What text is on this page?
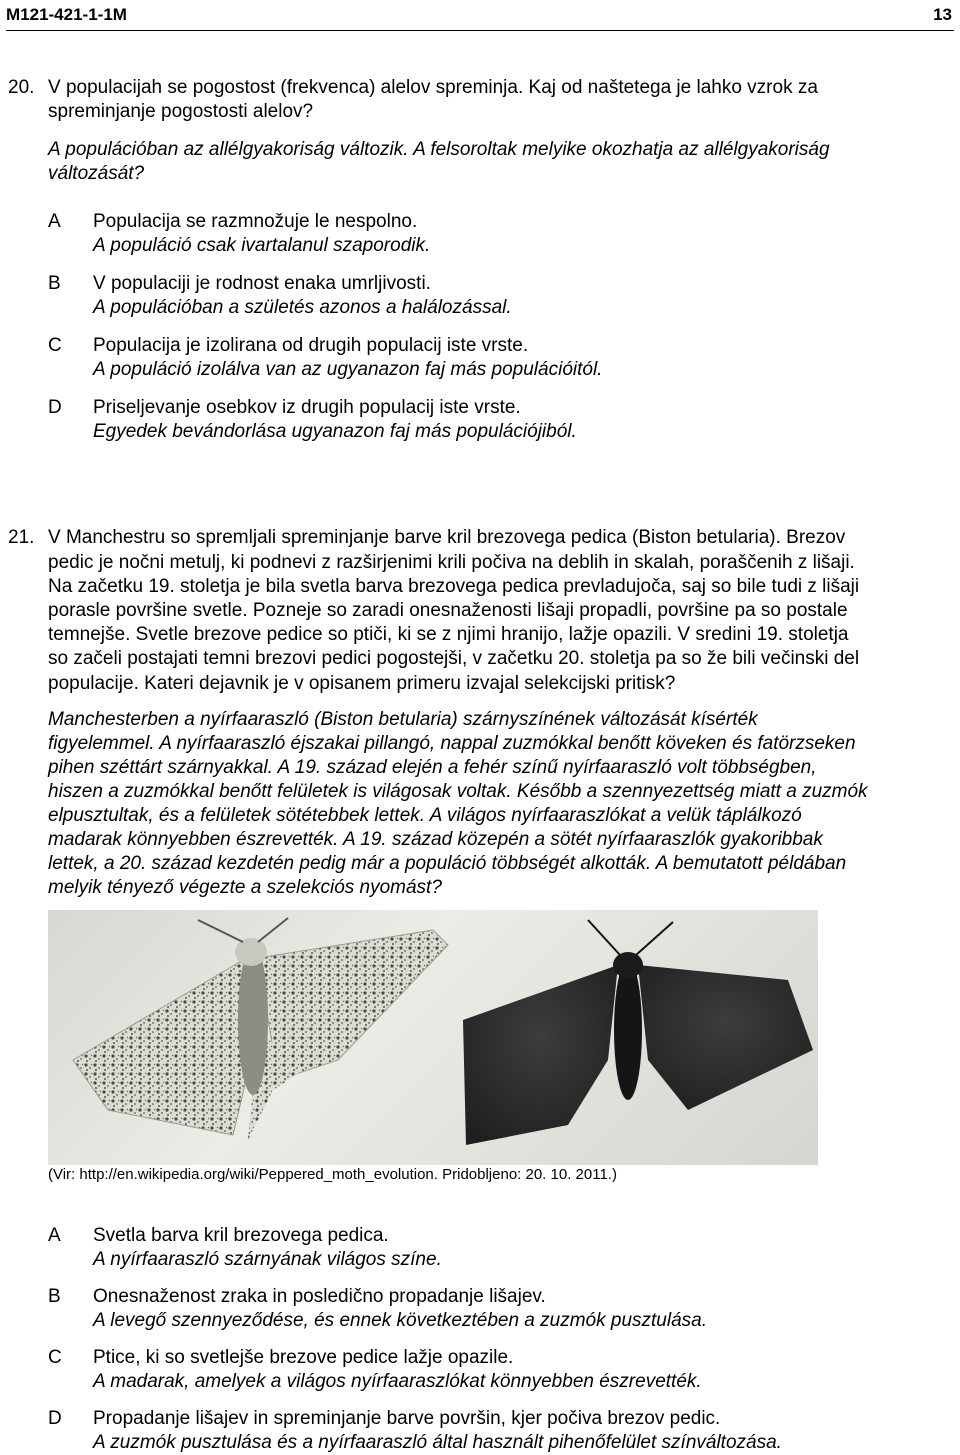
M121-421-1-1M	13
20. V populacijah se pogostost (frekvenca) alelov spreminja. Kaj od naštetega je lahko vzrok za
spreminjanje pogostosti alelov?
A populációban az allélgyakoriság változik. A felsoroltak melyike okozhatja az allélgyakoriság
változását?
A Populacija se razmnožuje le nespolno.
A populáció csak ivartalanul szaporodik.
B V populaciji je rodnost enaka umrljivosti.
A populációban a születés azonos a halálozással.
C Populacija je izolirana od drugih populacij iste vrste.
A populáció izolálva van az ugyanazon faj más populációitól.
D Priseljevanje osebkov iz drugih populacij iste vrste.
Egyedek bevándorlása ugyanazon faj más populációjiból.
21. V Manchestru so spremljali spreminjanje barve kril brezovega pedica (Biston betularia). Brezov
pedic je nočni metulj, ki podnevi z razširjenimi krili počiva na deblih in skalah, poraščenih z lišaji.
Na začetku 19. stoletja je bila svetla barva brezovega pedica prevladujoča, saj so bile tudi z lišaji
porasle površine svetle. Pozneje so zaradi onesnaženosti lišaji propadli, površine pa so postale
temnejše. Svetle brezove pedice so ptiči, ki se z njimi hranijo, lažje opazili. V sredini 19. stoletja
so začeli postajati temni brezovi pedici pogostejši, v začetku 20. stoletja pa so že bili večinski del
populacije. Kateri dejavnik je v opisanem primeru izvajal selekcijski pritisk?
Manchesterben a nyírfaaraszló (Biston betularia) szárnyszínének változását kísérték
figyelemmel. A nyírfaaraszló éjszakai pillangó, nappal zuzmókkal benőtt köveken és fatörzseken
pihen széttárt szárnyakkal. A 19. század elején a fehér színű nyírfaaraszló volt többségben,
hiszen a zuzmókkal benőtt felületek is világosak voltak. Később a szennyezettség miatt a zuzmók
elpusztultak, és a felületek sötétebbek lettek. A világos nyírfaaraszlókat a velük táplálkozó
madarak könnyebben észrevették. A 19. század közepén a sötét nyírfaaraszlók gyakoribbak
lettek, a 20. század kezdetén pedig már a populáció többségét alkották. A bemutatott példában
melyik tényező végezte a szelekciós nyomást?
(Vir: http://en.wikipedia.org/wiki/Peppered_moth_evolution. Pridobljeno: 20. 10. 2011.)
A Svetla barva kril brezovega pedica.
A nyírfaaraszló szárnyának világos színe.
B Onesnaženost zraka in posledično propadanje lišajev.
A levegő szennyeződése, és ennek következtében a zuzmók pusztulása.
C Ptice, ki so svetlejše brezove pedice lažje opazile.
A madarak, amelyek a világos nyírfaaraszlókat könnyebben észrevették.
D Propadanje lišajev in spreminjanje barve površin, kjer počiva brezov pedic.
A zuzmók pusztulása és a nyírfaaraszló által használt pihenőfelület színváltozása.
